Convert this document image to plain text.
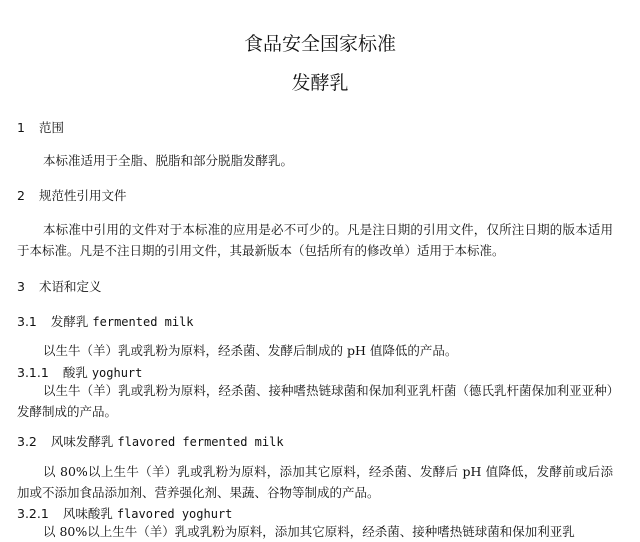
食品安全国家标准
发酵乳
1 范围
本标准适用于全脂、脱脂和部分脱脂发酵乳。
2 规范性引用文件
本标准中引用的文件对于本标准的应用是必不可少的。凡是注日期的引用文件，仅所注日期的版本适用于本标准。凡是不注日期的引用文件，其最新版本（包括所有的修改单）适用于本标准。
3 术语和定义
3.1 发酵乳 fermented milk
以生牛（羊）乳或乳粉为原料，经杀菌、发酵后制成的 pH 值降低的产品。
3.1.1 酸乳 yoghurt
以生牛（羊）乳或乳粉为原料，经杀菌、接种嗜热链球菌和保加利亚乳杆菌（德氏乳杆菌保加利亚亚种）发酵制成的产品。
3.2 风味发酵乳 flavored fermented milk
以 80%以上生牛（羊）乳或乳粉为原料，添加其它原料，经杀菌、发酵后 pH 值降低，发酵前或后添加或不添加食品添加剂、营养强化剂、果蔬、谷物等制成的产品。
3.2.1 风味酸乳 flavored yoghurt
以 80%以上生牛（羊）乳或乳粉为原料，添加其它原料，经杀菌、接种嗜热链球菌和保加利亚乳
